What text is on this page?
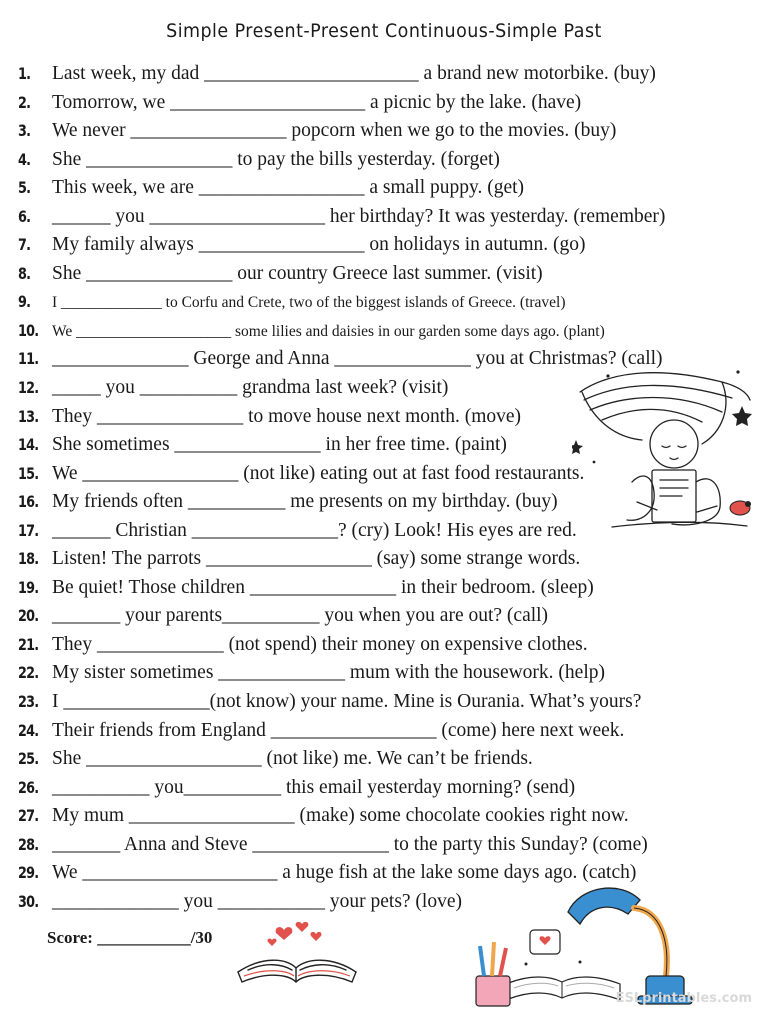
Simple Present-Present Continuous-Simple Past
1. Last week, my dad ______________________ a brand new motorbike. (buy)
2. Tomorrow, we ____________________ a picnic by the lake. (have)
3. We never ________________ popcorn when we go to the movies. (buy)
4. She _______________ to pay the bills yesterday. (forget)
5. This week, we are _________________ a small puppy. (get)
6. ______ you __________________ her birthday? It was yesterday. (remember)
7. My family always _________________ on holidays in autumn. (go)
8. She _______________ our country Greece last summer. (visit)
9. I _____________ to Corfu and Crete, two of the biggest islands of Greece. (travel)
10. We ____________________ some lilies and daisies in our garden some days ago. (plant)
11. ______________ George and Anna ______________ you at Christmas? (call)
12. _____ you __________ grandma last week? (visit)
13. They _______________ to move house next month. (move)
14. She sometimes _______________ in her free time. (paint)
15. We ________________ (not like) eating out at fast food restaurants.
16. My friends often __________ me presents on my birthday. (buy)
17. ______ Christian _______________? (cry) Look! His eyes are red.
18. Listen! The parrots _________________ (say) some strange words.
19. Be quiet! Those children _______________ in their bedroom. (sleep)
20. _______ your parents__________ you when you are out? (call)
21. They _____________ (not spend) their money on expensive clothes.
22. My sister sometimes _____________ mum with the housework. (help)
23. I _______________(not know) your name. Mine is Ourania. What’s yours?
24. Their friends from England _________________ (come) here next week.
25. She __________________ (not like) me. We can’t be friends.
26. __________ you__________ this email yesterday morning? (send)
27. My mum _________________ (make) some chocolate cookies right now.
28. _______ Anna and Steve ______________ to the party this Sunday? (come)
29. We ____________________ a huge fish at the lake some days ago. (catch)
30. _____________ you ___________ your pets? (love)
Score: ___________/30
ESLprintables.com
